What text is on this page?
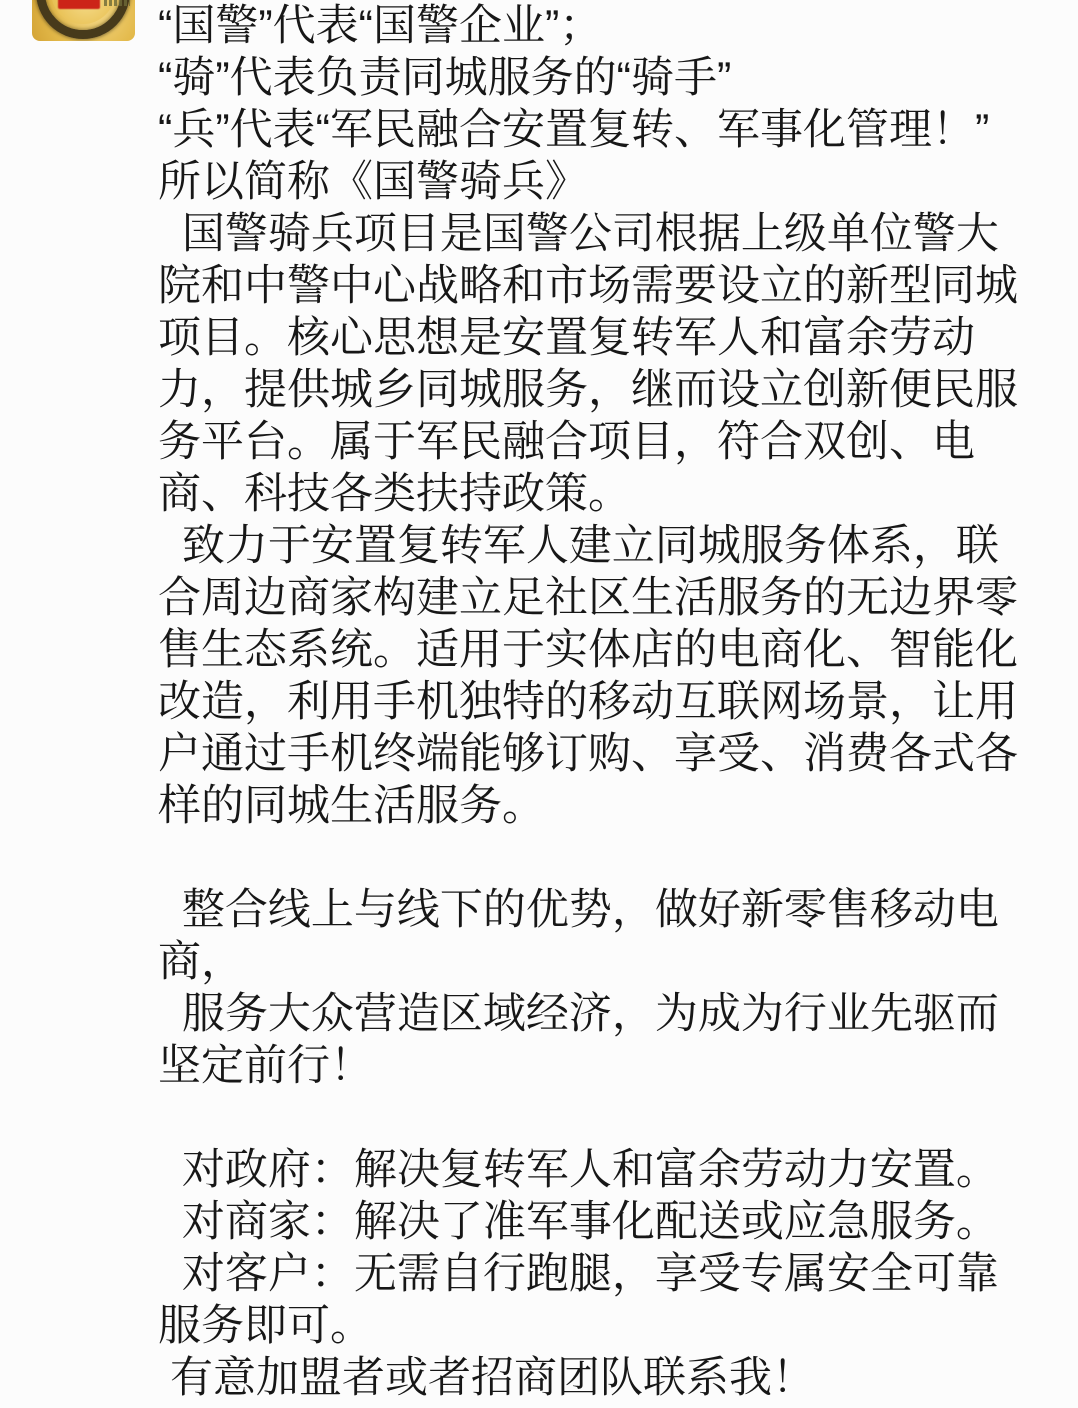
“国警”代表“国警企业”；
“骑”代表负责同城服务的“骑手”
“兵”代表“军民融合安置复转、军事化管理！”
所以简称《国警骑兵》
国警骑兵项目是国警公司根据上级单位警大
院和中警中心战略和市场需要设立的新型同城
项目。核心思想是安置复转军人和富余劳动
力，提供城乡同城服务，继而设立创新便民服
务平台。属于军民融合项目，符合双创、电
商、科技各类扶持政策。
致力于安置复转军人建立同城服务体系，联
合周边商家构建立足社区生活服务的无边界零
售生态系统。适用于实体店的电商化、智能化
改造，利用手机独特的移动互联网场景，让用
户通过手机终端能够订购、享受、消费各式各
样的同城生活服务。
整合线上与线下的优势，做好新零售移动电
商，
服务大众营造区域经济，为成为行业先驱而
坚定前行！
对政府：解决复转军人和富余劳动力安置。
对商家：解决了准军事化配送或应急服务。
对客户：无需自行跑腿，享受专属安全可靠
服务即可。
有意加盟者或者招商团队联系我！
